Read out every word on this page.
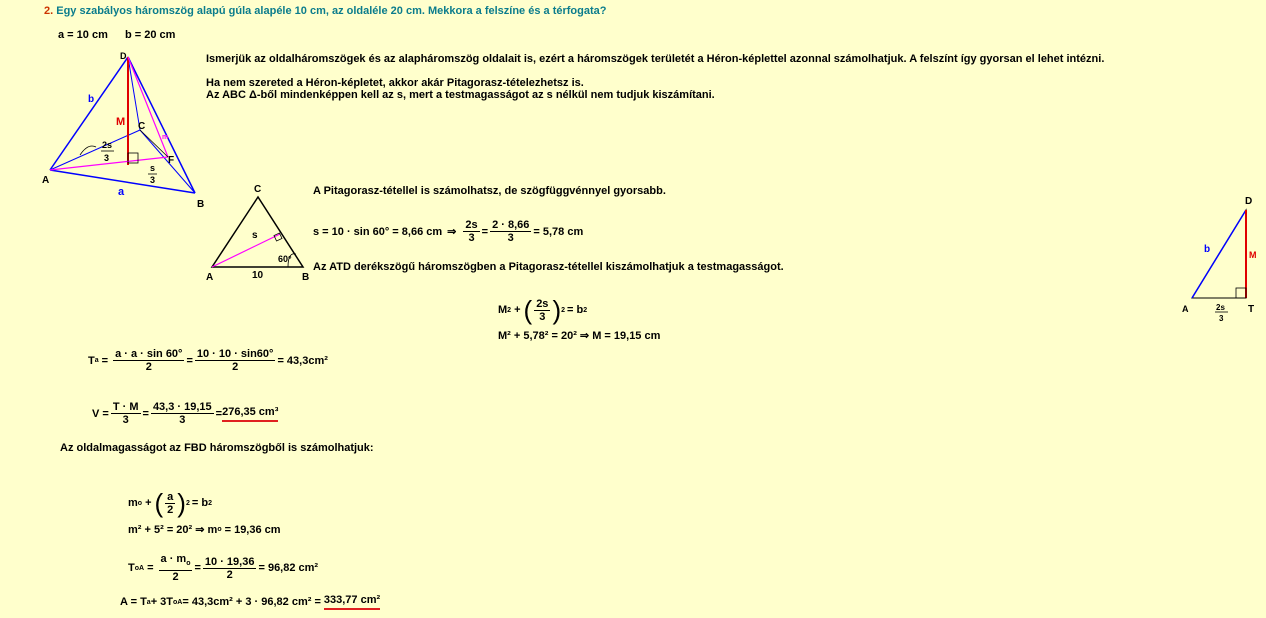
2. Egy szabályos háromszög alapú gúla alapéle 10 cm, az oldaléle 20 cm. Mekkora a felszíne és a térfogata?
a = 10 cm b = 20 cm
Ismerjük az oldalháromszögek és az alapháromszög oldalait is, ezért a háromszögek területét a Héron-képlettel azonnal számolhatjuk. A felszínt így gyorsan el lehet intézni.
Ha nem szereted a Héron-képletet, akkor akár Pitagorasz-tételezhetsz is.
Az ABC Δ-ből mindenképpen kell az s, mert a testmagasságot az s nélkül nem tudjuk kiszámítani.
D
A
B
C
F
b
a
M
m
2s
3
s
3
C
A	B
s
10
60°
A Pitagorasz-tétellel is számolhatsz, de szögfüggvénnyel gyorsabb.
s = 10 · sin 60° = 8,66 cm ⇒ $\frac{2s}{3} = \frac{2 \cdot 8,66}{3} = 5,78$ cm
Az ATD derékszögű háromszögben a Pitagorasz-tétellel kiszámolhatjuk a testmagasságot.
M 2 + ( $\frac{2s}{3}$ ) 2 = b 2
M² + 5,78² = 20² ⇒ M = 19,15 cm
D
A	T
b	M
2s
3
T $a = \frac{a \cdot a \cdot \sin 60^\circ}{2} = \frac{10 \cdot 10 \cdot \sin 60^\circ}{2} = 43,3cm^2$
$V = \frac{T \cdot M}{3} = \frac{43,3 \cdot 19,15}{3} = 276,35$ cm³
Az oldalmagasságot az FBD háromszögből is számolhatjuk:
m o + ( $\frac{a}{2}$ ) 2 = b 2
m² + 5² = 20² ⇒ m o = 19,36 cm
T oA = $\frac{a \cdot m_o}{2} = \frac{10 \cdot 19,36}{2} = 96,82$ cm²
A = T a + 3T oA = 43,3cm² + 3 · 96,82 cm² = 333,77 cm²
